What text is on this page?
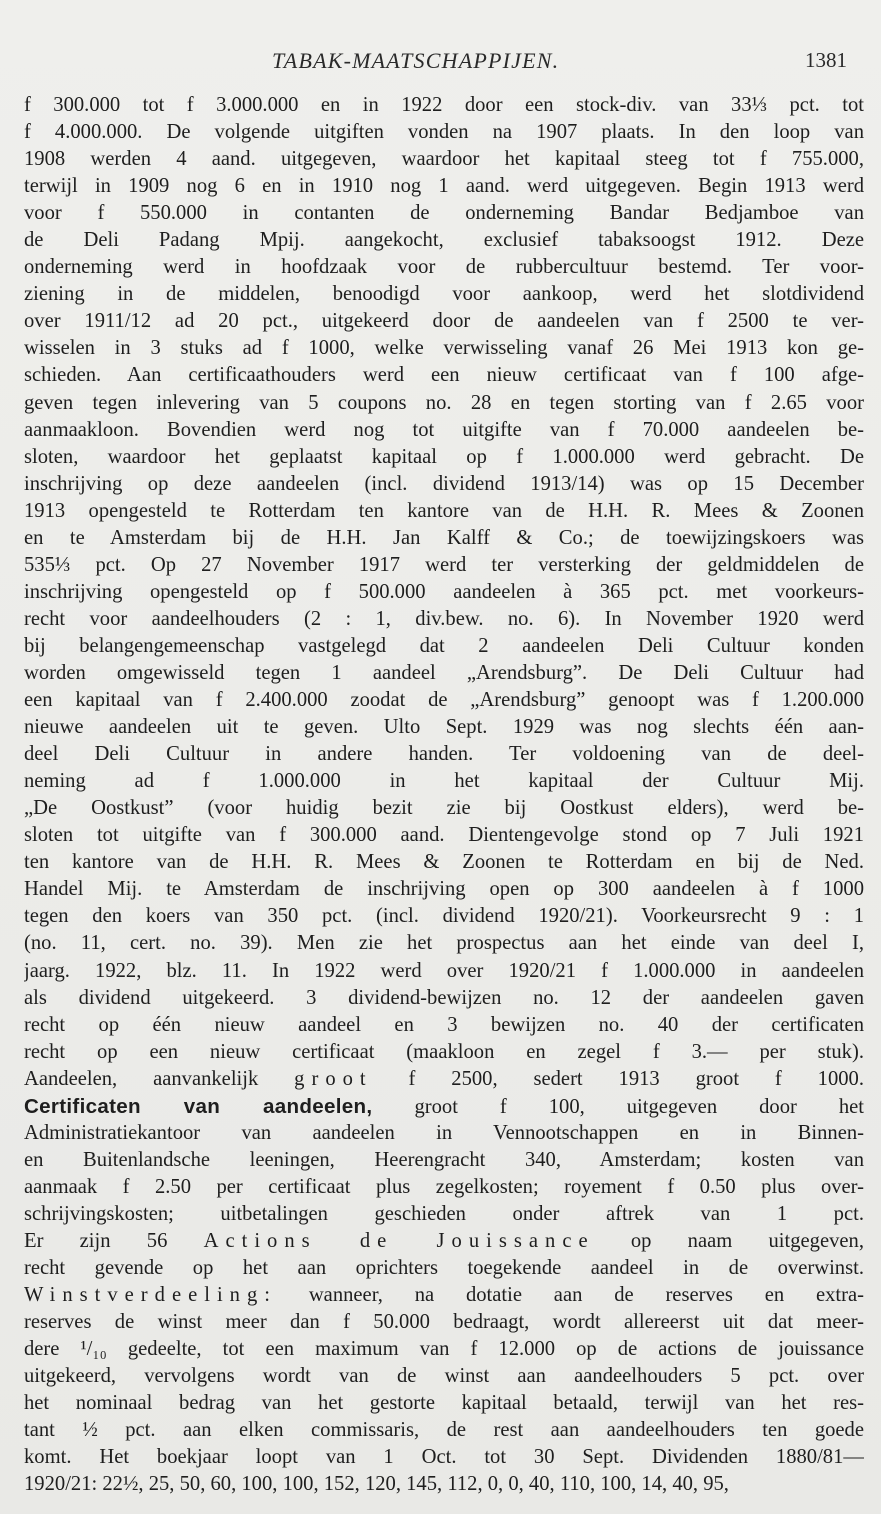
TABAK-MAATSCHAPPIJEN.	1381
f 300.000 tot f 3.000.000 en in 1922 door een stock-div. van 33⅓ pct. tot
f 4.000.000. De volgende uitgiften vonden na 1907 plaats. In den loop van
1908 werden 4 aand. uitgegeven, waardoor het kapitaal steeg tot f 755.000,
terwijl in 1909 nog 6 en in 1910 nog 1 aand. werd uitgegeven. Begin 1913 werd
voor f 550.000 in contanten de onderneming Bandar Bedjamboe van
de Deli Padang Mpij. aangekocht, exclusief tabaksoogst 1912. Deze
onderneming werd in hoofdzaak voor de rubbercultuur bestemd. Ter voor-
ziening in de middelen, benoodigd voor aankoop, werd het slotdividend
over 1911/12 ad 20 pct., uitgekeerd door de aandeelen van f 2500 te ver-
wisselen in 3 stuks ad f 1000, welke verwisseling vanaf 26 Mei 1913 kon ge-
schieden. Aan certificaathouders werd een nieuw certificaat van f 100 afge-
geven tegen inlevering van 5 coupons no. 28 en tegen storting van f 2.65 voor
aanmaakloon. Bovendien werd nog tot uitgifte van f 70.000 aandeelen be-
sloten, waardoor het geplaatst kapitaal op f 1.000.000 werd gebracht. De
inschrijving op deze aandeelen (incl. dividend 1913/14) was op 15 December
1913 opengesteld te Rotterdam ten kantore van de H.H. R. Mees & Zoonen
en te Amsterdam bij de H.H. Jan Kalff & Co.; de toewijzingskoers was
535⅓ pct. Op 27 November 1917 werd ter versterking der geldmiddelen de
inschrijving opengesteld op f 500.000 aandeelen à 365 pct. met voorkeurs-
recht voor aandeelhouders (2 : 1, div.bew. no. 6). In November 1920 werd
bij belangengemeenschap vastgelegd dat 2 aandeelen Deli Cultuur konden
worden omgewisseld tegen 1 aandeel „Arendsburg”. De Deli Cultuur had
een kapitaal van f 2.400.000 zoodat de „Arendsburg” genoopt was f 1.200.000
nieuwe aandeelen uit te geven. Ulto Sept. 1929 was nog slechts één aan-
deel Deli Cultuur in andere handen. Ter voldoening van de deel-
neming ad f 1.000.000 in het kapitaal der Cultuur Mij.
„De Oostkust” (voor huidig bezit zie bij Oostkust elders), werd be-
sloten tot uitgifte van f 300.000 aand. Dientengevolge stond op 7 Juli 1921
ten kantore van de H.H. R. Mees & Zoonen te Rotterdam en bij de Ned.
Handel Mij. te Amsterdam de inschrijving open op 300 aandeelen à f 1000
tegen den koers van 350 pct. (incl. dividend 1920/21). Voorkeursrecht 9 : 1
(no. 11, cert. no. 39). Men zie het prospectus aan het einde van deel I,
jaarg. 1922, blz. 11. In 1922 werd over 1920/21 f 1.000.000 in aandeelen
als dividend uitgekeerd. 3 dividend-bewijzen no. 12 der aandeelen gaven
recht op één nieuw aandeel en 3 bewijzen no. 40 der certificaten
recht op een nieuw certificaat (maakloon en zegel f 3.— per stuk).
Aandeelen, aanvankelijk groot f 2500, sedert 1913 groot f 1000.
Certificaten van aandeelen, groot f 100, uitgegeven door het
Administratiekantoor van aandeelen in Vennootschappen en in Binnen-
en Buitenlandsche leeningen, Heerengracht 340, Amsterdam; kosten van
aanmaak f 2.50 per certificaat plus zegelkosten; royement f 0.50 plus over-
schrijvingskosten; uitbetalingen geschieden onder aftrek van 1 pct.
Er zijn 56 Actions de Jouissance op naam uitgegeven,
recht gevende op het aan oprichters toegekende aandeel in de overwinst.
Winstverdeeling: wanneer, na dotatie aan de reserves en extra-
reserves de winst meer dan f 50.000 bedraagt, wordt allereerst uit dat meer-
dere ¹/₁₀ gedeelte, tot een maximum van f 12.000 op de actions de jouissance
uitgekeerd, vervolgens wordt van de winst aan aandeelhouders 5 pct. over
het nominaal bedrag van het gestorte kapitaal betaald, terwijl van het res-
tant ½ pct. aan elken commissaris, de rest aan aandeelhouders ten goede
komt. Het boekjaar loopt van 1 Oct. tot 30 Sept. Dividenden 1880/81—
1920/21: 22½, 25, 50, 60, 100, 100, 152, 120, 145, 112, 0, 0, 40, 110, 100, 14, 40, 95,
